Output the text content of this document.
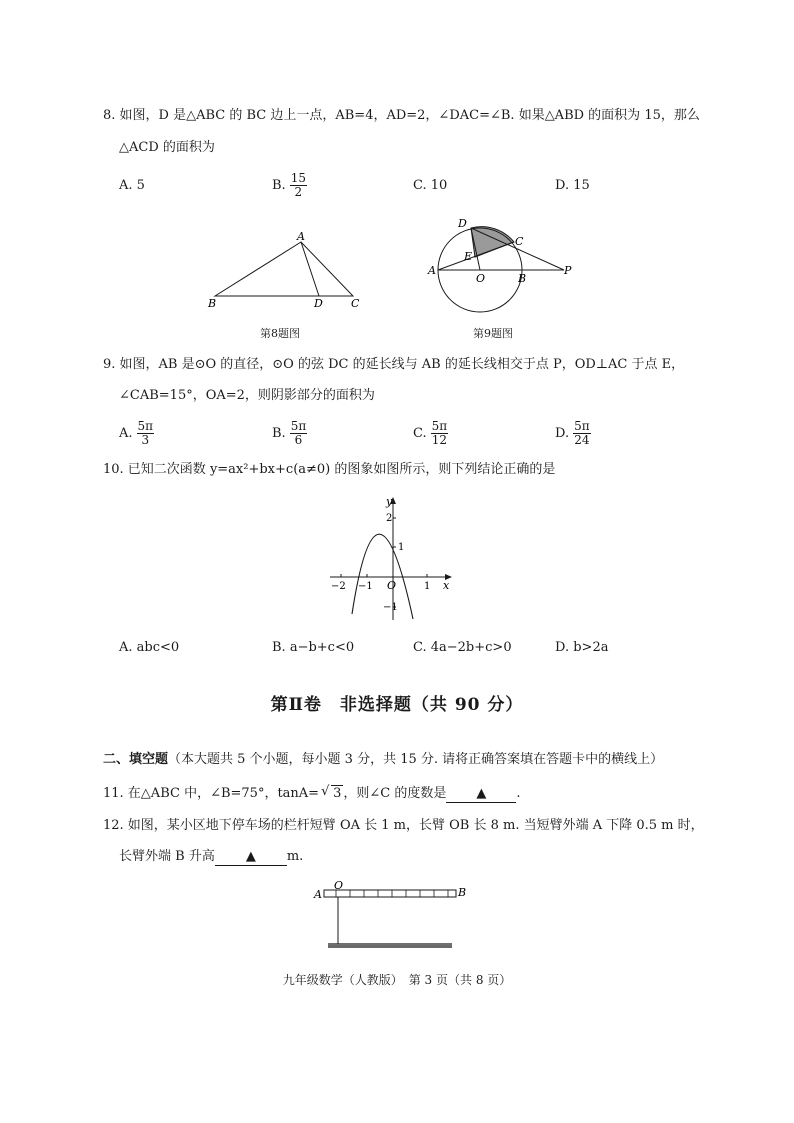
8. 如图，D 是△ABC 的 BC 边上一点，AB=4，AD=2，∠DAC=∠B. 如果△ABD 的面积为 15，那么
△ACD 的面积为
A. 5	B. $\frac{15}{2}$	C. 10	D. 15
A
B	D	C
第8题图
D
C
E
A
O	B
P
第9题图
9. 如图，AB 是⊙O 的直径，⊙O 的弦 DC 的延长线与 AB 的延长线相交于点 P，OD⊥AC 于点 E，
∠CAB=15°，OA=2，则阴影部分的面积为
A. $\frac{5\pi}{3}$	B. $\frac{5\pi}{6}$	C. $\frac{5\pi}{12}$	D. $\frac{5\pi}{24}$
10. 已知二次函数 y=ax²+bx+c(a≠0) 的图象如图所示，则下列结论正确的是
y
x
O
−2 −1	1
2
1
−1
A. abc<0	B. a−b+c<0	C. 4a−2b+c>0	D. b>2a
第Ⅱ卷　非选择题（共 90 分）
二、填空题（本大题共 5 个小题，每小题 3 分，共 15 分. 请将正确答案填在答题卡中的横线上）
11. 在△ABC 中，∠B=75°，tanA= √ 3 ，则∠C 的度数是 ▲ .
12. 如图，某小区地下停车场的栏杆短臂 OA 长 1 m，长臂 OB 长 8 m. 当短臂外端 A 下降 0.5 m 时，
长臂外端 B 升高 ▲ m.
A
O
B
九年级数学（人教版）　第 3 页（共 8 页）
